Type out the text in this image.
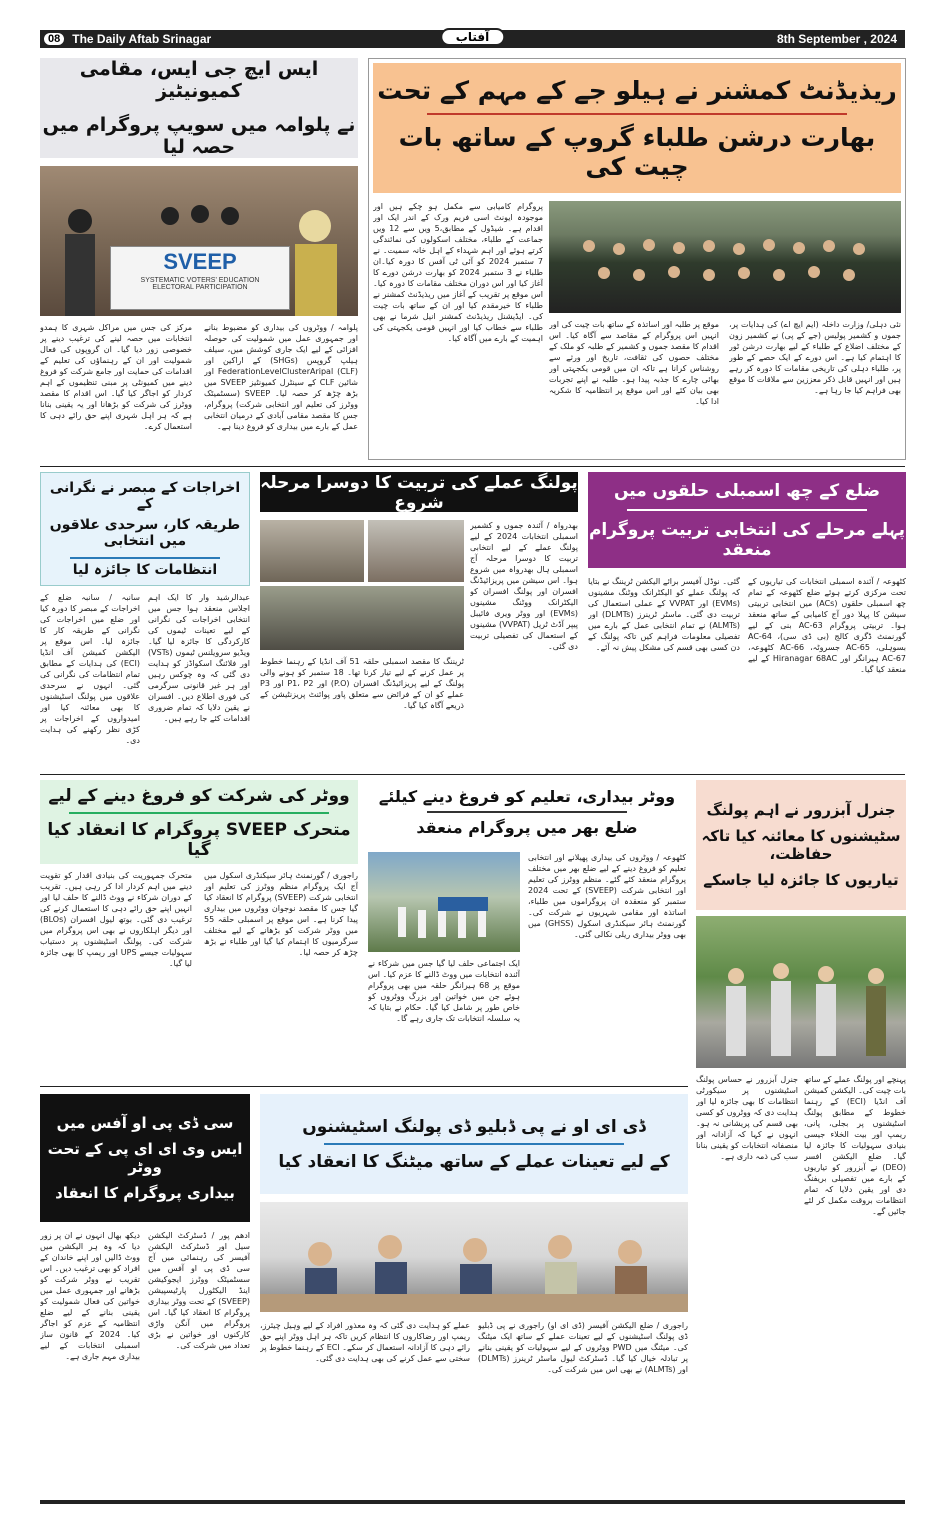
08	The Daily Aftab Srinagar	آفتاب	8th September , 2024
ریذیڈنٹ کمشنر نے ہیلو جے کے مہم کے تحت
بھارت درشن طلباء گروپ کے ساتھ بات چیت کی
پروگرام کامیابی سے مکمل ہو چکے ہیں اور موجودہ ایونٹ اسی فریم ورک کے اندر ایک اور اقدام ہے۔ شیڈول کے مطابق،5 ویں سے 12 ویں جماعت کے طلباء، مختلف اسکولوں کی نمائندگی کرتے ہوئے اور اہم شہداء کے اہل خانہ سمیت۔ نے 7 ستمبر 2024 کو آئی ٹی آفس کا دورہ کیا۔ان طلباء نے 3 ستمبر 2024 کو بھارت درشن دورے کا آغاز کیا اور اس دوران مختلف مقامات کا دورہ کیا۔ اس موقع پر تقریب کے آغاز میں ریذیڈنٹ کمشنر نے طلباء کا خیرمقدم کیا اور ان کے ساتھ بات چیت کی۔ ایڈیشنل ریذیڈنٹ کمشنر انیل شرما نے بھی طلباء سے خطاب کیا اور انہیں قومی یکجہتی کی اہمیت کے بارے میں آگاہ کیا۔
موقع پر طلبہ اور اساتذہ کے ساتھ بات چیت کی اور انہیں اس پروگرام کے مقاصد سے آگاہ کیا۔ اس اقدام کا مقصد جموں و کشمیر کے طلبہ کو ملک کے مختلف حصوں کی ثقافت، تاریخ اور ورثے سے روشناس کرانا ہے تاکہ ان میں قومی یکجہتی اور بھائی چارے کا جذبہ پیدا ہو۔ طلبہ نے اپنے تجربات بھی بیان کئے اور اس موقع پر انتظامیہ کا شکریہ ادا کیا۔
نئی دہلی/ وزارت داخلہ (ایم ایچ اے) کی ہدایات پر، جموں و کشمیر پولیس (جے کے پی) نے کشمیر زون کے مختلف اضلاع کے طلباء کے لیے بھارت درشن ٹور کا اہتمام کیا ہے۔ اس دورے کے ایک حصے کے طور پر، طلباء دہلی کی تاریخی مقامات کا دورہ کر رہے ہیں اور انہیں قابل ذکر معززین سے ملاقات کا موقع بھی فراہم کیا جا رہا ہے۔
ایس ایچ جی ایس، مقامی کمیونیٹیز
نے پلوامہ میں سویپ پروگرام میں حصہ لیا
SVEEP
SYSTEMATIC VOTERS' EDUCATION
ELECTORAL PARTICIPATION
مرکز کی جس میں مراکل شہری کا ہمدو انتخابات میں حصہ لینے کی ترغیب دینے پر خصوصی زور دیا گیا۔ ان گروپوں کی فعال شمولیت اور ان کے رہنماؤں کی تعلیم کے اقدامات کی حمایت اور جامع شرکت کو فروغ دینے میں کمیونٹی پر مبنی تنظیموں کے اہم کردار کو اجاگر کیا گیا۔ اس اقدام کا مقصد ووٹرز کی شرکت کو بڑھانا اور یہ یقینی بنانا ہے کہ ہر اہل شہری اپنے حق رائے دہی کا استعمال کرے۔
پلوامہ / ووٹروں کی بیداری کو مضبوط بنانے اور جمہوری عمل میں شمولیت کی حوصلہ افزائی کے لیے ایک جاری کوشش میں، سیلف ہیلپ گروپس (SHGs) کے اراکین اور FederationLevelClusterAripal (CLF) اور شائین CLF کے سینٹرل کمیونٹیز SVEEP میں بڑھ چڑھ کر حصہ لیا۔ SVEEP (سسٹمیٹک ووٹرز کی تعلیم اور انتخابی شرکت) پروگرام، جس کا مقصد مقامی آبادی کے درمیان انتخابی عمل کے بارے میں بیداری کو فروغ دینا ہے۔
اخراجات کے مبصر نے نگرانی کے
طریقہ کار، سرحدی علاقوں میں انتخابی
انتظامات کا جائزہ لیا
سانبہ / سانبہ ضلع کے اخراجات کے مبصر کا دورہ کیا اور ضلع میں اخراجات کی نگرانی کے طریقہ کار کا جائزہ لیا۔ اس موقع پر الیکشن کمیشن آف انڈیا (ECI) کی ہدایات کے مطابق تمام انتظامات کی نگرانی کی گئی۔ انہوں نے سرحدی علاقوں میں پولنگ اسٹیشنوں کا بھی معائنہ کیا اور امیدواروں کے اخراجات پر کڑی نظر رکھنے کی ہدایت دی۔
عبدالرشید وار کا ایک اہم اجلاس منعقد ہوا جس میں انتخابی اخراجات کی نگرانی کے لیے تعینات ٹیموں کی کارکردگی کا جائزہ لیا گیا۔ ویڈیو سرویلنس ٹیموں (VSTs) اور فلائنگ اسکواڈز کو ہدایت دی گئی کہ وہ چوکس رہیں اور ہر غیر قانونی سرگرمی کی فوری اطلاع دیں۔ افسران نے یقین دلایا کہ تمام ضروری اقدامات کئے جا رہے ہیں۔
پولنگ عملے کی تربیت کا دوسرا مرحلہ شروع
بھدرواہ / آئندہ جموں و کشمیر اسمبلی انتخابات 2024 کے لیے پولنگ عملے کے لیے انتخابی تربیت کا دوسرا مرحلہ آج اسمبلی ہال بھدرواہ میں شروع ہوا۔ اس سیشن میں پریزائیڈنگ افسران اور پولنگ افسران کو الیکٹرانک ووٹنگ مشینوں (EVMs) اور ووٹر ویری فائیبل پیپر آڈٹ ٹریل (VVPAT) مشینوں کے استعمال کی تفصیلی تربیت دی گئی۔
ٹریننگ کا مقصد اسمبلی حلقہ 51 آف انڈیا کے رہنما خطوط پر عمل کرنے کے لیے تیار کرنا تھا۔ 18 ستمبر کو ہونے والی پولنگ کے لیے پریزائیڈنگ افسران (P.O) اور P1، P2 اور P3 عملے کو ان کے فرائض سے متعلق پاور پوائنٹ پریزنٹیشن کے ذریعے آگاہ کیا گیا۔
ضلع کے چھ اسمبلی حلقوں میں
پہلے مرحلے کی انتخابی تربیت پروگرام منعقد
کٹھوعہ / آئندہ اسمبلی انتخابات کی تیاریوں کے تحت مرکزی کرتے ہوئے ضلع کٹھوعہ کے تمام چھ اسمبلی حلقوں (ACs) میں انتخابی تربیتی سیشن کا پہلا دور آج کامیابی کے ساتھ منعقد ہوا۔ تربیتی پروگرام AC-63 بنی کے لیے گورنمنٹ ڈگری کالج (بی ڈی سی)، AC-64 بسوہلی، AC-65 جسروٹہ، AC-66 کٹھوعہ، AC-67 ہیرانگر اور Hiranagar 68AC کے لیے منعقد کیا گیا۔
گئی۔ نوڈل آفیسر برائے الیکشن ٹریننگ نے بتایا کہ پولنگ عملے کو الیکٹرانک ووٹنگ مشینوں (EVMs) اور VVPAT کے عملی استعمال کی تربیت دی گئی۔ ماسٹر ٹرینرز (DLMTs) اور (ALMTs) نے تمام انتخابی عمل کے بارے میں تفصیلی معلومات فراہم کیں تاکہ پولنگ کے دن کسی بھی قسم کی مشکل پیش نہ آئے۔
ووٹر کی شرکت کو فروغ دینے کے لیے
متحرک SVEEP پروگرام کا انعقاد کیا گیا
متحرک جمہوریت کی بنیادی اقدار کو تقویت دینے میں اہم کردار ادا کر رہی ہیں۔ تقریب کے دوران شرکاء نے ووٹ ڈالنے کا حلف لیا اور انہیں اپنے حق رائے دہی کا استعمال کرنے کی ترغیب دی گئی۔ بوتھ لیول افسران (BLOs) اور دیگر اہلکاروں نے بھی اس پروگرام میں شرکت کی۔ پولنگ اسٹیشنوں پر دستیاب سہولیات جیسے UPS اور ریمپ کا بھی جائزہ لیا گیا۔
راجوری / گورنمنٹ ہائر سیکنڈری اسکول میں آج ایک پروگرام منظم ووٹرز کی تعلیم اور انتخابی شرکت (SVEEP) پروگرام کا انعقاد کیا گیا جس کا مقصد نوجوان ووٹروں میں بیداری پیدا کرنا ہے۔ اس موقع پر اسمبلی حلقہ 55 میں ووٹر شرکت کو بڑھانے کے لیے مختلف سرگرمیوں کا اہتمام کیا گیا اور طلباء نے بڑھ چڑھ کر حصہ لیا۔
ووٹر بیداری، تعلیم کو فروغ دینے کیلئے
ضلع بھر میں پروگرام منعقد
کٹھوعہ / ووٹروں کی بیداری پھیلانے اور انتخابی تعلیم کو فروغ دینے کے لیے ضلع بھر میں مختلف پروگرام منعقد کئے گئے۔ منظم ووٹرز کی تعلیم اور انتخابی شرکت (SVEEP) کے تحت 2024 ستمبر کو منعقدہ ان پروگراموں میں طلباء، اساتذہ اور مقامی شہریوں نے شرکت کی۔ گورنمنٹ ہائر سیکنڈری اسکول (GHSS) میں بھی ووٹر بیداری ریلی نکالی گئی۔
ایک اجتماعی حلف لیا گیا جس میں شرکاء نے آئندہ انتخابات میں ووٹ ڈالنے کا عزم کیا۔ اس موقع پر 68 ہیرانگر حلقہ میں بھی پروگرام ہوئے جن میں خواتین اور بزرگ ووٹروں کو خاص طور پر شامل کیا گیا۔ حکام نے بتایا کہ یہ سلسلہ انتخابات تک جاری رہے گا۔
جنرل آبزرور نے اہم پولنگ
سٹیشنوں کا معائنہ کیا تاکہ حفاظت،
تیاریوں کا جائزہ لیا جاسکے
پہنچے اور پولنگ عملے کے ساتھ بات چیت کی۔ الیکشن کمیشن آف انڈیا (ECI) کے رہنما خطوط کے مطابق پولنگ اسٹیشنوں پر بجلی، پانی، ریمپ اور بیت الخلاء جیسی بنیادی سہولیات کا جائزہ لیا گیا۔ ضلع الیکشن افسر (DEO) نے آبزرور کو تیاریوں کے بارے میں تفصیلی بریفنگ دی اور یقین دلایا کہ تمام انتظامات بروقت مکمل کر لئے جائیں گے۔
جنرل آبزرور نے حساس پولنگ اسٹیشنوں پر سیکورٹی انتظامات کا بھی جائزہ لیا اور ہدایت دی کہ ووٹروں کو کسی بھی قسم کی پریشانی نہ ہو۔ انہوں نے کہا کہ آزادانہ اور منصفانہ انتخابات کو یقینی بنانا سب کی ذمہ داری ہے۔
سی ڈی پی او آفس میں
ایس وی ای ای پی کے تحت ووٹر
بیداری پروگرام کا انعقاد
دیکھ بھال انہوں نے ان پر زور دیا کہ وہ ہر الیکشن میں ووٹ ڈالیں اور اپنے خاندان کے افراد کو بھی ترغیب دیں۔ اس تقریب نے ووٹر شرکت کو بڑھانے اور جمہوری عمل میں خواتین کی فعال شمولیت کو یقینی بنانے کے لیے ضلع انتظامیہ کے عزم کو اجاگر کیا۔ 2024 کے قانون ساز اسمبلی انتخابات کے لیے بیداری مہم جاری ہے۔
ادھم پور / ڈسٹرکٹ الیکشن سیل اور ڈسٹرکٹ الیکشن آفیسر کی رہنمائی میں آج سی ڈی پی او آفس میں سسٹمیٹک ووٹرز ایجوکیشن اینڈ الیکٹورل پارٹیسپیشن (SVEEP) کے تحت ووٹر بیداری پروگرام کا انعقاد کیا گیا۔ اس پروگرام میں آنگن واڑی کارکنوں اور خواتین نے بڑی تعداد میں شرکت کی۔
ڈی ای او نے پی ڈبلیو ڈی پولنگ اسٹیشنوں
کے لیے تعینات عملے کے ساتھ میٹنگ کا انعقاد کیا
راجوری / ضلع الیکشن آفیسر (ڈی ای او) راجوری نے پی ڈبلیو ڈی پولنگ اسٹیشنوں کے لیے تعینات عملے کے ساتھ ایک میٹنگ کی۔ میٹنگ میں PWD ووٹروں کے لیے سہولیات کو یقینی بنانے پر تبادلہ خیال کیا گیا۔ ڈسٹرکٹ لیول ماسٹر ٹرینرز (DLMTs) اور (ALMTs) نے بھی اس میں شرکت کی۔
عملے کو ہدایت دی گئی کہ وہ معذور افراد کے لیے وہیل چیئرز، ریمپ اور رضاکاروں کا انتظام کریں تاکہ ہر اہل ووٹر اپنے حق رائے دہی کا آزادانہ استعمال کر سکے۔ ECI کے رہنما خطوط پر سختی سے عمل کرنے کی بھی ہدایت دی گئی۔
